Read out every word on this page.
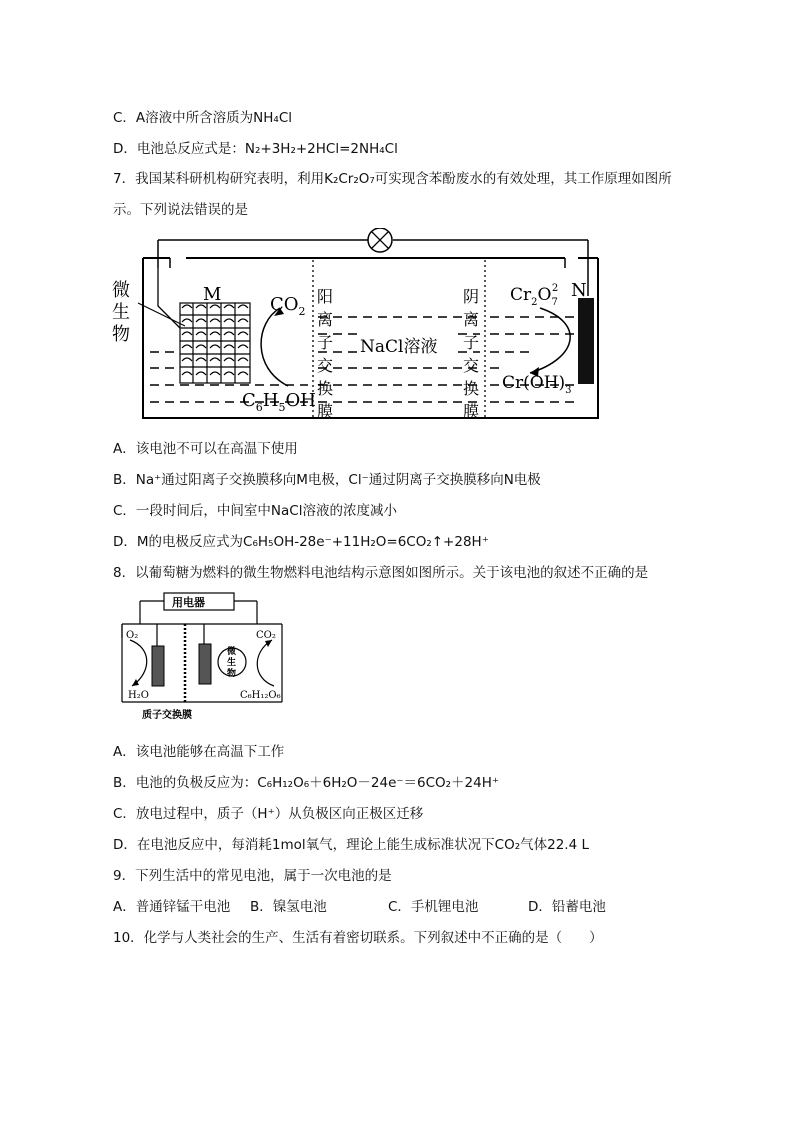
C．A溶液中所含溶质为NH₄Cl
D．电池总反应式是：N₂+3H₂+2HCl=2NH₄Cl
7．我国某科研机构研究表明，利用K₂Cr₂O₇可实现含苯酚废水的有效处理，其工作原理如图所
示。下列说法错误的是
微
生
物
M	$CO_2$
$C_6H_5OH$
阳
离
子
交
换
膜
阴
离
子
交
换
膜
NaCl溶液
$Cr_2O_72$ N
$Cr(OH)_3$
A．该电池不可以在高温下使用
B．Na⁺通过阳离子交换膜移向M电极，Cl⁻通过阴离子交换膜移向N电极
C．一段时间后，中间室中NaCl溶液的浓度减小
D．M的电极反应式为C₆H₅OH-28e⁻+11H₂O=6CO₂↑+28H⁺
8．以葡萄糖为燃料的微生物燃料电池结构示意图如图所示。关于该电池的叙述不正确的是
用电器
微
生
物
O₂
H₂O
CO₂
C₆H₁₂O₆
质子交换膜
A．该电池能够在高温下工作
B．电池的负极反应为：C₆H₁₂O₆＋6H₂O－24e⁻＝6CO₂＋24H⁺
C．放电过程中，质子（H⁺）从负极区向正极区迁移
D．在电池反应中，每消耗1mol氧气，理论上能生成标准状况下CO₂气体22.4 L
9．下列生活中的常见电池，属于一次电池的是
A．普通锌锰干电池 B．镍氢电池	C．手机锂电池	D．铅蓄电池
10．化学与人类社会的生产、生活有着密切联系。下列叙述中不正确的是（　　）
